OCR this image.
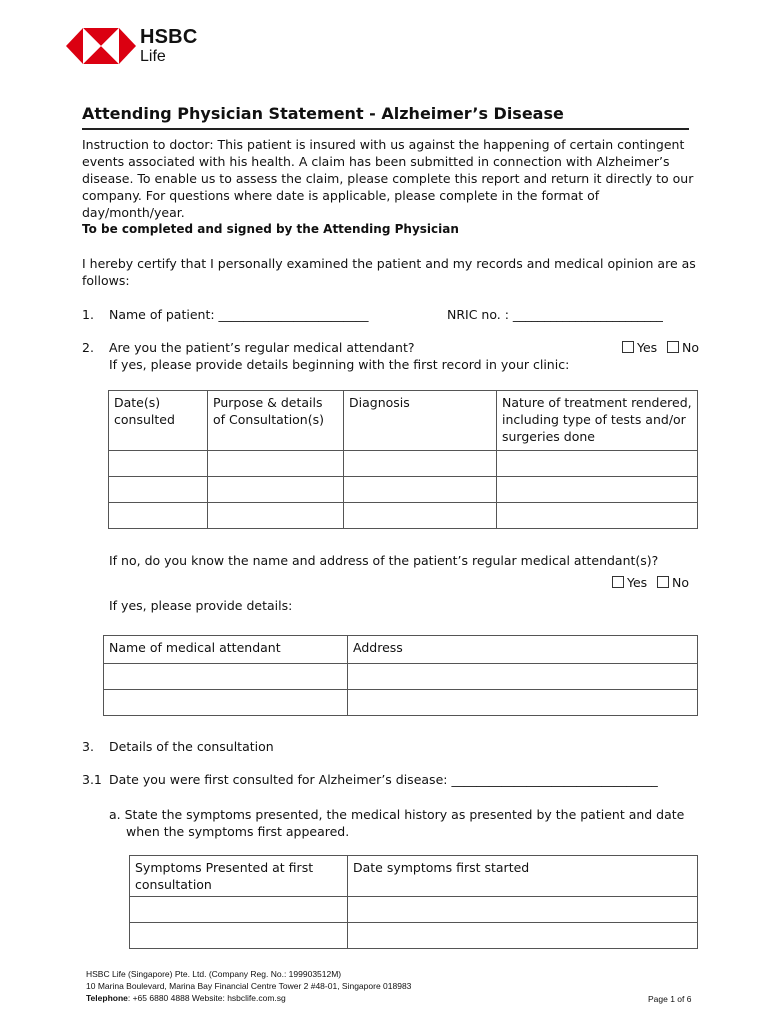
HSBC
Life
Attending Physician Statement - Alzheimer’s Disease
Instruction to doctor: This patient is insured with us against the happening of certain contingent events associated with his health. A claim has been submitted in connection with Alzheimer’s disease. To enable us to assess the claim, please complete this report and return it directly to our company. For questions where date is applicable, please complete in the format of day/month/year.
To be completed and signed by the Attending Physician
I hereby certify that I personally examined the patient and my records and medical opinion are as follows:
1. Name of patient: ________________________	NRIC no. : ________________________
2. Are you the patient’s regular medical attendant?	Yes	No
If yes, please provide details beginning with the first record in your clinic:
Date(s) consulted	Purpose & details of Consultation(s)	Diagnosis	Nature of treatment rendered, including type of tests and/or surgeries done

If no, do you know the name and address of the patient’s regular medical attendant(s)?
Yes	No
If yes, please provide details:
Name of medical attendant	Address

3. Details of the consultation
3.1 Date you were first consulted for Alzheimer’s disease: _________________________________
a. State the symptoms presented, the medical history as presented by the patient and date when the symptoms first appeared.
Symptoms Presented at first consultation	Date symptoms first started

HSBC Life (Singapore) Pte. Ltd. (Company Reg. No.: 199903512M)
10 Marina Boulevard, Marina Bay Financial Centre Tower 2 #48-01, Singapore 018983
Telephone: +65 6880 4888 Website: hsbclife.com.sg	Page 1 of 6
